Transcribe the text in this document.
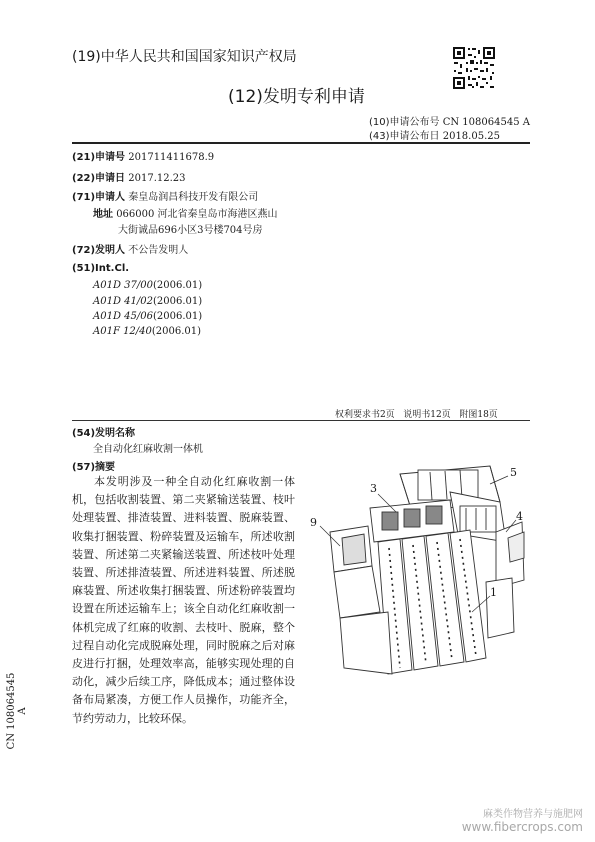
(19)中华人民共和国国家知识产权局
(12)发明专利申请
(10)申请公布号 CN 108064545 A
(43)申请公布日 2018.05.25
(21)申请号 201711411678.9
(22)申请日 2017.12.23
(71)申请人 秦皇岛润昌科技开发有限公司
地址 066000 河北省秦皇岛市海港区燕山
大街诚品696小区3号楼704号房
(72)发明人 不公告发明人
(51)Int.Cl.
A01D 37/00(2006.01)
A01D 41/02(2006.01)
A01D 45/06(2006.01)
A01F 12/40(2006.01)
权利要求书2页   说明书12页   附图18页
(54)发明名称
全自动化红麻收割一体机
(57)摘要
本发明涉及一种全自动化红麻收割一体机，包括收割装置、第二夹紧输送装置、枝叶处理装置、排渣装置、进料装置、脱麻装置、收集打捆装置、粉碎装置及运输车，所述收割装置、所述第二夹紧输送装置、所述枝叶处理装置、所述排渣装置、所述进料装置、所述脱麻装置、所述收集打捆装置、所述粉碎装置均设置在所述运输车上；该全自动化红麻收割一体机完成了红麻的收割、去枝叶、脱麻，整个过程自动化完成脱麻处理，同时脱麻之后对麻皮进行打捆，处理效率高，能够实现处理的自动化，减少后续工序，降低成本；通过整体设备布局紧凑，方便工作人员操作，功能齐全，节约劳动力，比较环保。
CN 108064545 A
3
5
4
9
1
麻类作物营养与施肥网
www.fibercrops.com
